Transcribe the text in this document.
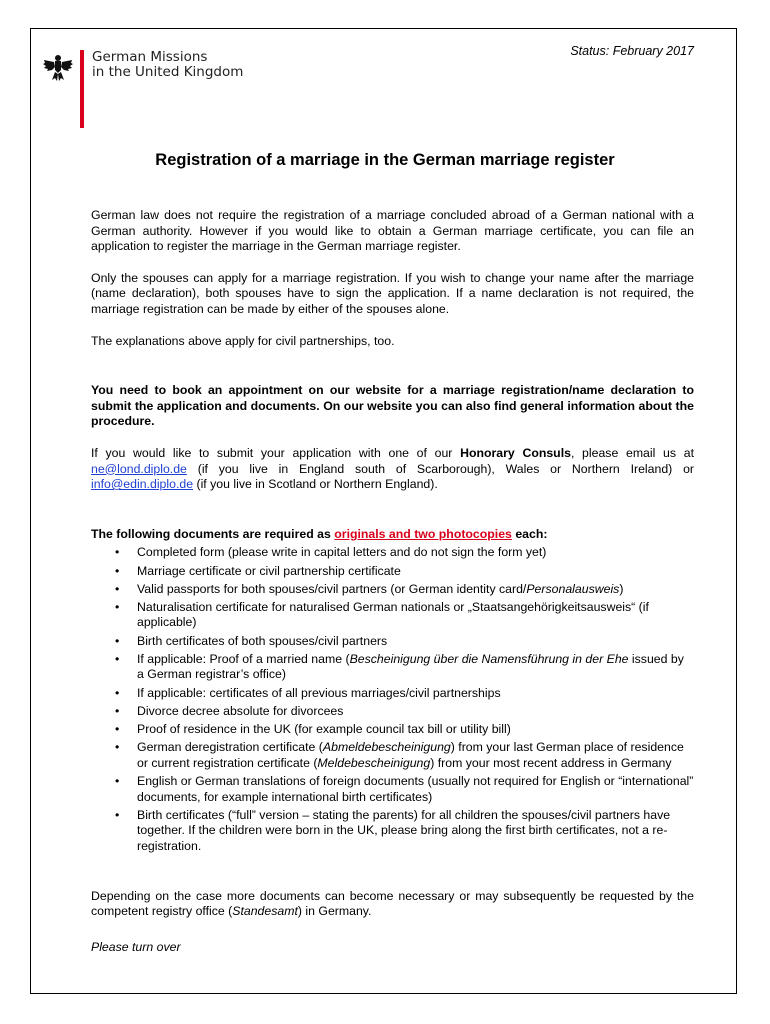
German Missions
in the United Kingdom
Status: February 2017
Registration of a marriage in the German marriage register

German law does not require the registration of a marriage concluded abroad of a German national with a German authority. However if you would like to obtain a German marriage certificate, you can file an application to register the marriage in the German marriage register.

Only the spouses can apply for a marriage registration. If you wish to change your name after the marriage (name declaration), both spouses have to sign the application. If a name declaration is not required, the marriage registration can be made by either of the spouses alone.

The explanations above apply for civil partnerships, too.

You need to book an appointment on our website for a marriage registration/name declaration to submit the application and documents. On our website you can also find general information about the procedure.

If you would like to submit your application with one of our Honorary Consuls, please email us at ne@lond.diplo.de (if you live in England south of Scarborough), Wales or Northern Ireland) or info@edin.diplo.de (if you live in Scotland or Northern England).

The following documents are required as originals and two photocopies each:

• Completed form (please write in capital letters and do not sign the form yet)
• Marriage certificate or civil partnership certificate
• Valid passports for both spouses/civil partners (or German identity card/Personalausweis)
• Naturalisation certificate for naturalised German nationals or „Staatsangehörigkeitsausweis“ (if applicable)
• Birth certificates of both spouses/civil partners
• If applicable: Proof of a married name (Bescheinigung über die Namensführung in der Ehe issued by a German registrar’s office)
• If applicable: certificates of all previous marriages/civil partnerships
• Divorce decree absolute for divorcees
• Proof of residence in the UK (for example council tax bill or utility bill)
• German deregistration certificate (Abmeldebescheinigung) from your last German place of residence or current registration certificate (Meldebescheinigung) from your most recent address in Germany
• English or German translations of foreign documents (usually not required for English or “international” documents, for example international birth certificates)
• Birth certificates (“full” version – stating the parents) for all children the spouses/civil partners have together. If the children were born in the UK, please bring along the first birth certificates, not a re-registration.

Depending on the case more documents can become necessary or may subsequently be requested by the competent registry office (Standesamt) in Germany.

Please turn over
